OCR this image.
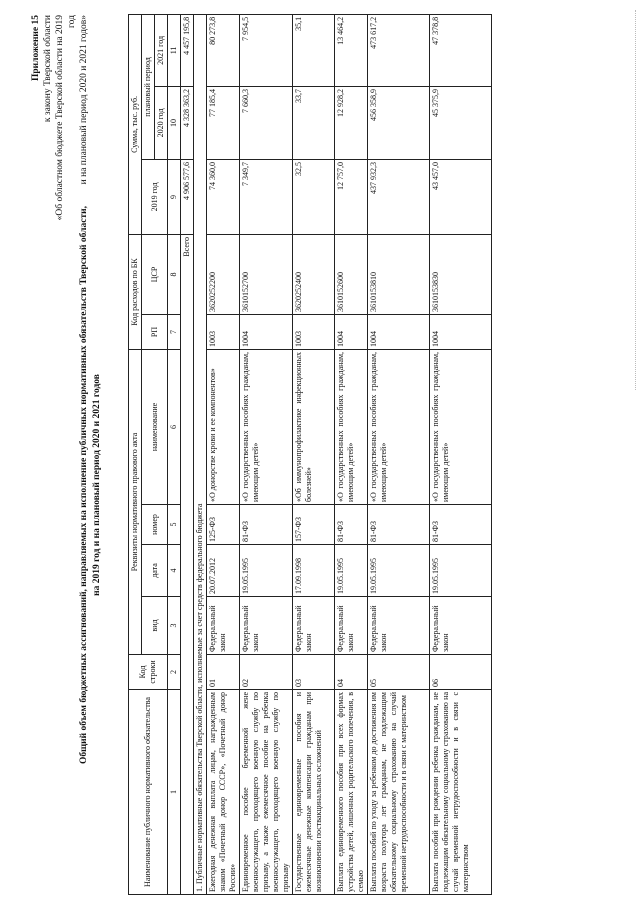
Приложение 15 к закону Тверской области «Об областном бюджете Тверской области на 2019 год и на плановый период 2020 и 2021 годов»
Общий объем бюджетных ассигнований, направляемых на исполнение публичных нормативных обязательств Тверской области, на 2019 год и на плановый период 2020 и 2021 годов
Наименование публичного нормативного обязательства	Код строки	Реквизиты нормативного правового акта				Код расходов по БК		Сумма, тыс. руб.		
		вид	дата	номер	наименование	РП	ЦСР	2019 год	плановый период	
									2020 год	2021 год
1	2	3	4	5	6	7	8	9	10	11
Всего								4 906 577,6	4 328 363,2	4 457 195,8
1. Публичные нормативные обязательства Тверской области, исполняемые за счет средств федерального бюджета										
Ежегодная денежная выплата лицам, награжденным знаком «Почетный донор СССР», «Почетный донор России»	01	Федеральный закон	20.07.2012	125-ФЗ	«О донорстве крови и ее компонентов»	1003	3620252200	74 360,0	77 185,4	80 273,8
Единовременное пособие беременной жене военнослужащего, проходящего военную службу по призыву, а также ежемесячное пособие на ребенка военнослужащего, проходящего военную службу по призыву	02	Федеральный закон	19.05.1995	81-ФЗ	«О государственных пособиях гражданам, имеющим детей»	1004	3610152700	7 349,7	7 660,3	7 954,5
Государственные единовременные пособия и ежемесячные денежные компенсации гражданам при возникновении поствакцинальных осложнений	03	Федеральный закон	17.09.1998	157-ФЗ	«Об иммунопрофилактике инфекционных болезней»	1003	3620252400	32,5	33,7	35,1
Выплата единовременного пособия при всех формах устройства детей, лишенных родительского попечения, в семью	04	Федеральный закон	19.05.1995	81-ФЗ	«О государственных пособиях гражданам, имеющим детей»	1004	3610152600	12 757,0	12 928,2	13 464,2
Выплата пособий по уходу за ребенком до достижения им возраста полутора лет гражданам, не подлежащим обязательному социальному страхованию на случай временной нетрудоспособности и в связи с материнством	05	Федеральный закон	19.05.1995	81-ФЗ	«О государственных пособиях гражданам, имеющим детей»	1004	3610153810	437 932,3	456 358,9	473 617,2
Выплата пособий при рождении ребенка гражданам, не подлежащим обязательному социальному страхованию на случай временной нетрудоспособности и в связи с материнством	06	Федеральный закон	19.05.1995	81-ФЗ	«О государственных пособиях гражданам, имеющим детей»	1004	3610153830	43 457,0	45 375,9	47 378,8
